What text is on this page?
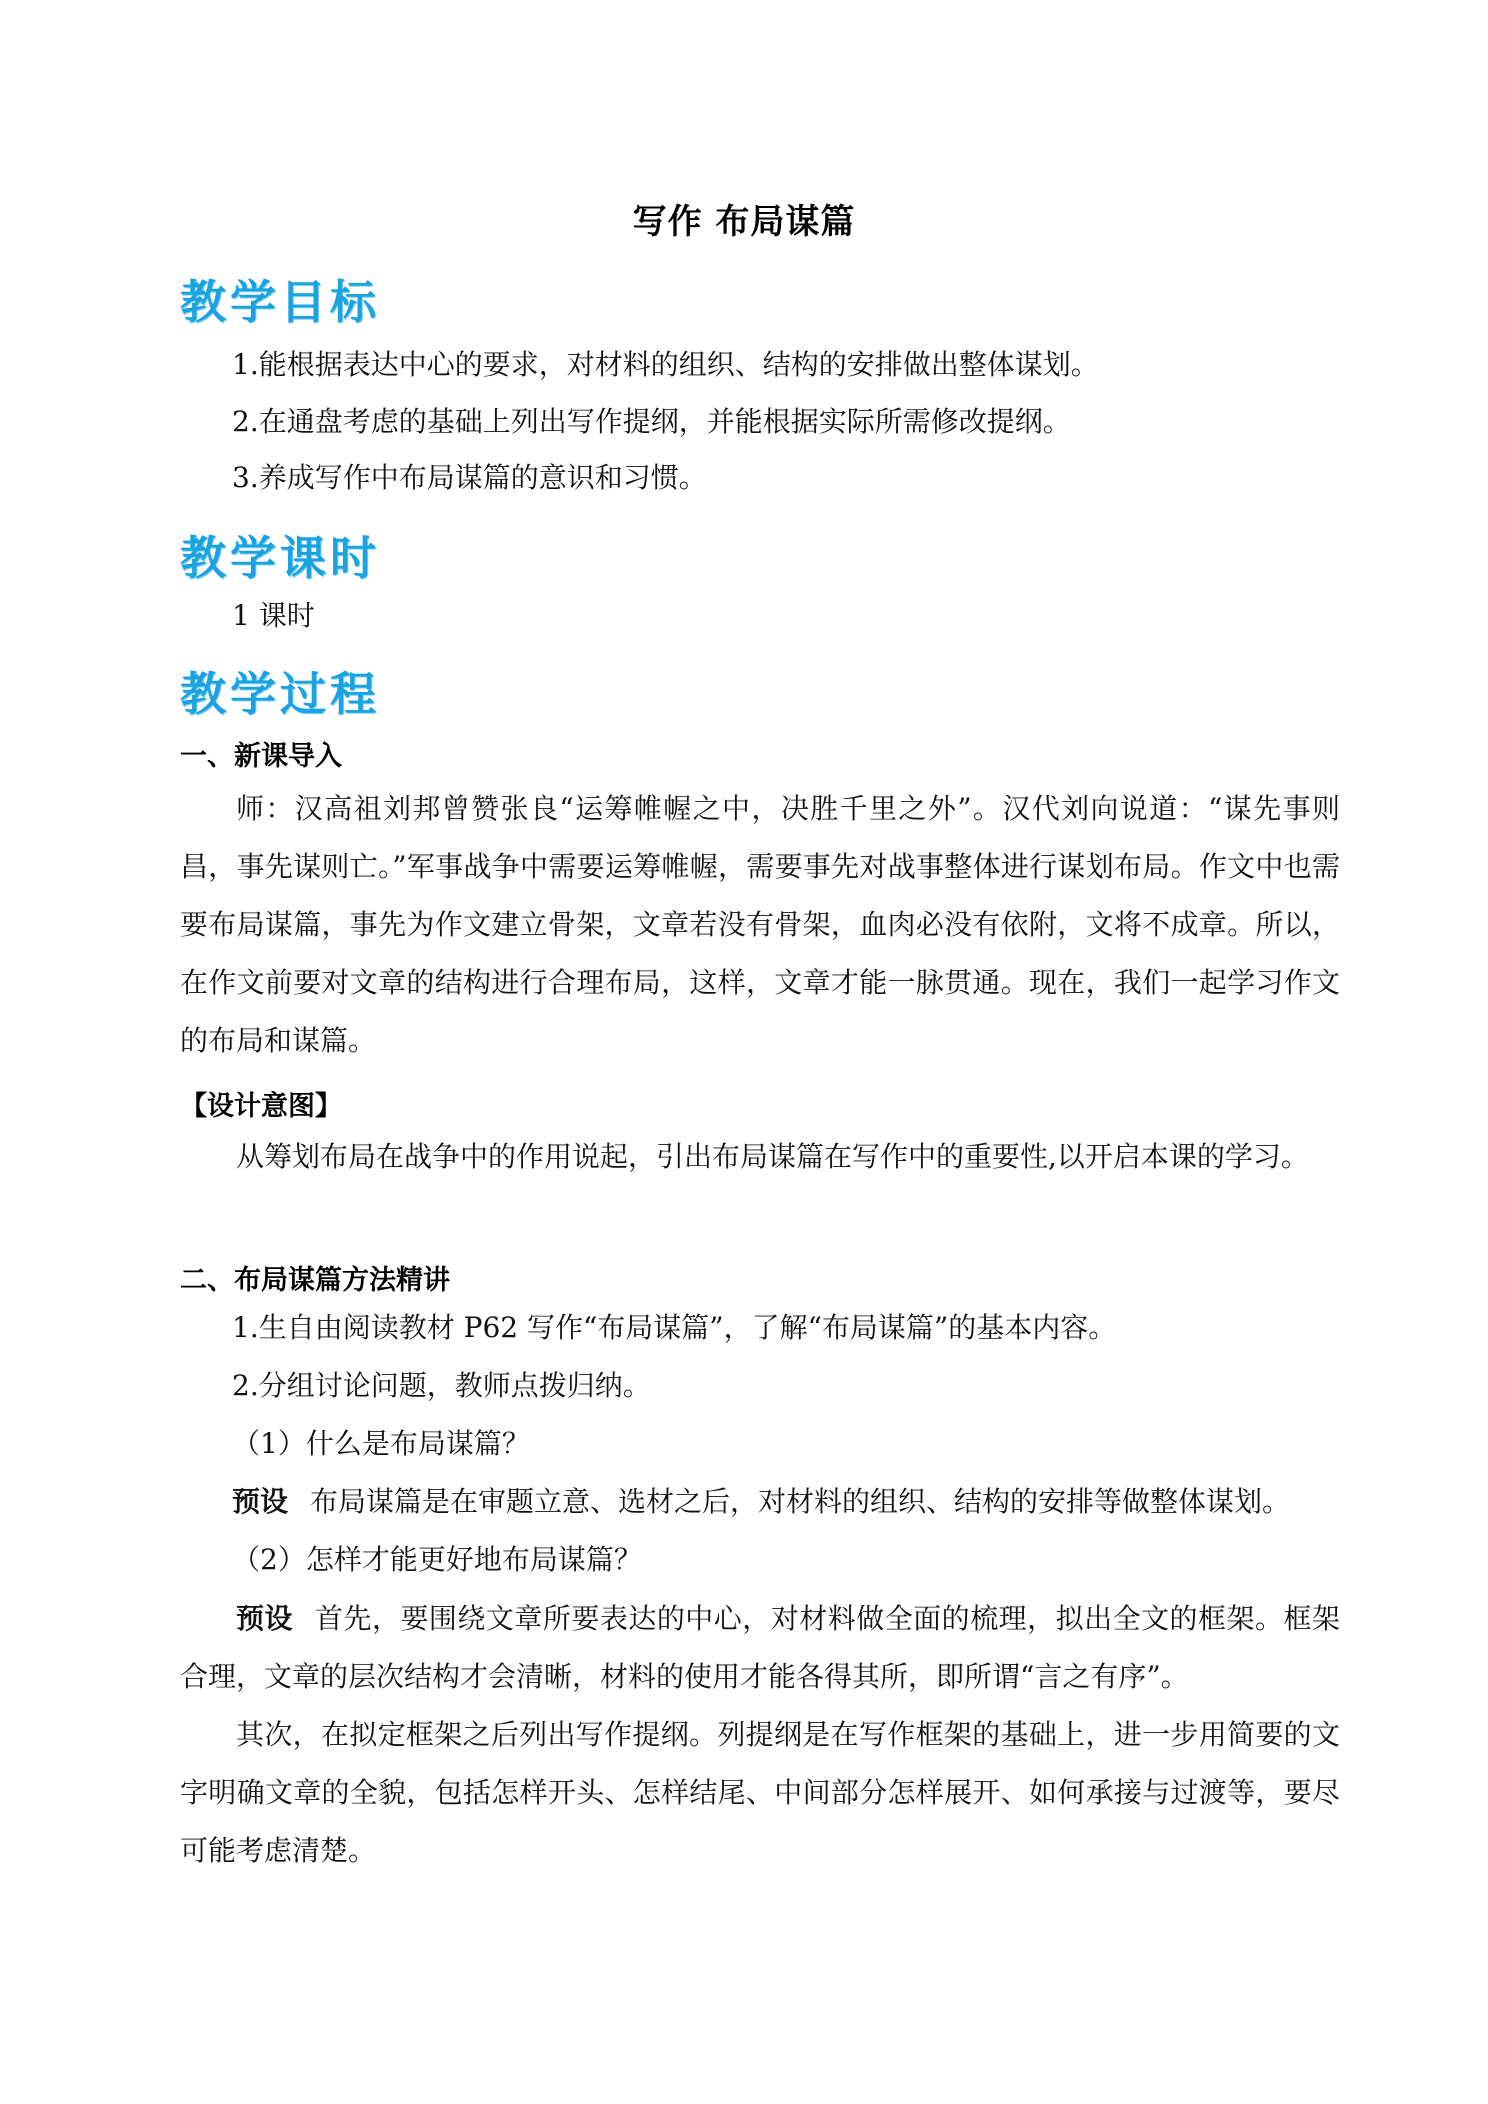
写作 布局谋篇
教学目标
1.能根据表达中心的要求，对材料的组织、结构的安排做出整体谋划。
2.在通盘考虑的基础上列出写作提纲，并能根据实际所需修改提纲。
3.养成写作中布局谋篇的意识和习惯。
教学课时
1 课时
教学过程
一、新课导入
师：汉高祖刘邦曾赞张良“运筹帷幄之中，决胜千里之外”。汉代刘向说道：“谋先事则昌，事先谋则亡。”军事战争中需要运筹帷幄，需要事先对战事整体进行谋划布局。作文中也需要布局谋篇，事先为作文建立骨架，文章若没有骨架，血肉必没有依附，文将不成章。所以，在作文前要对文章的结构进行合理布局，这样，文章才能一脉贯通。现在，我们一起学习作文的布局和谋篇。
【设计意图】
从筹划布局在战争中的作用说起，引出布局谋篇在写作中的重要性,以开启本课的学习。
二、布局谋篇方法精讲
1.生自由阅读教材 P62 写作“布局谋篇”，了解“布局谋篇”的基本内容。
2.分组讨论问题，教师点拨归纳。
（1）什么是布局谋篇？
预设 布局谋篇是在审题立意、选材之后，对材料的组织、结构的安排等做整体谋划。
（2）怎样才能更好地布局谋篇？
预设 首先，要围绕文章所要表达的中心，对材料做全面的梳理，拟出全文的框架。框架合理，文章的层次结构才会清晰，材料的使用才能各得其所，即所谓“言之有序”。
其次，在拟定框架之后列出写作提纲。列提纲是在写作框架的基础上，进一步用简要的文字明确文章的全貌，包括怎样开头、怎样结尾、中间部分怎样展开、如何承接与过渡等，要尽可能考虑清楚。
